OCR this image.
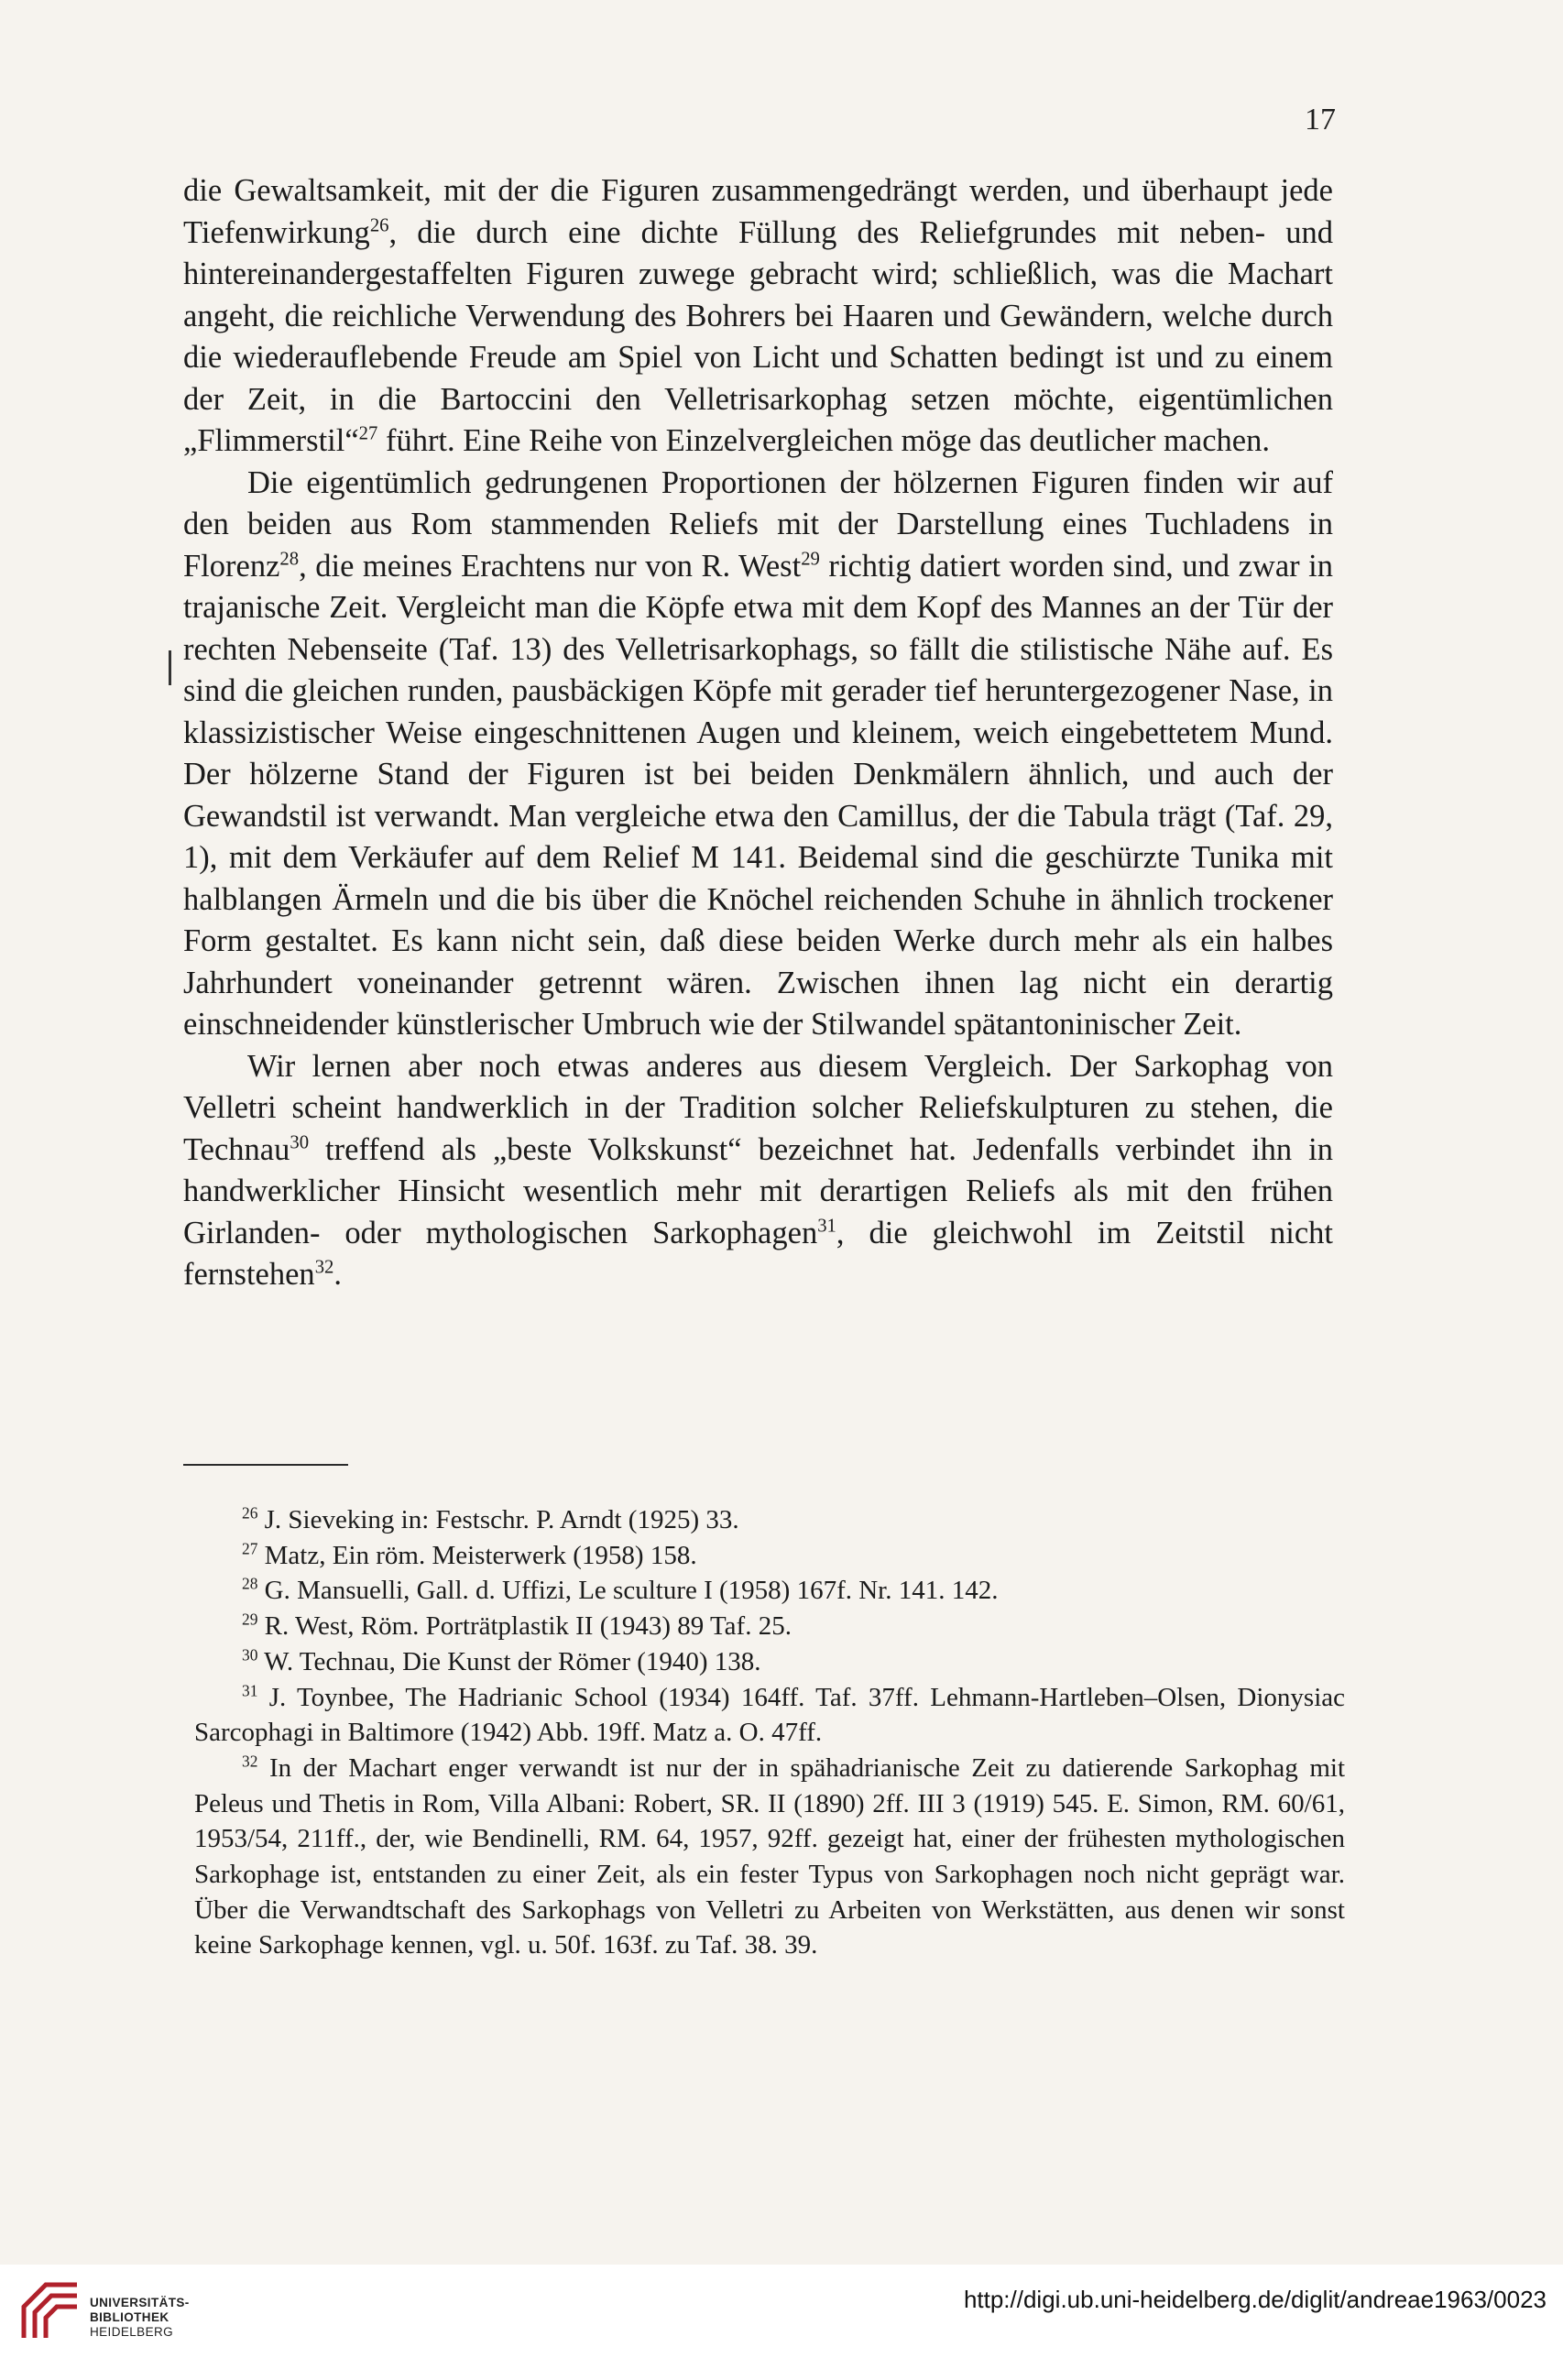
17

die Gewaltsamkeit, mit der die Figuren zusammengedrängt werden, und überhaupt jede Tiefenwirkung$^{26}$, die durch eine dichte Füllung des Reliefgrundes mit neben- und hintereinandergestaffelten Figuren zuwege gebracht wird; schließlich, was die Machart angeht, die reichliche Verwendung des Bohrers bei Haaren und Gewändern, welche durch die wiederauflebende Freude am Spiel von Licht und Schatten bedingt ist und zu einem der Zeit, in die Bartoccini den Velletrisarkophag setzen möchte, eigentümlichen „Flimmerstil“$^{27}$ führt. Eine Reihe von Einzelvergleichen möge das deutlicher machen.

Die eigentümlich gedrungenen Proportionen der hölzernen Figuren finden wir auf den beiden aus Rom stammenden Reliefs mit der Darstellung eines Tuchladens in Florenz$^{28}$, die meines Erachtens nur von R. West$^{29}$ richtig datiert worden sind, und zwar in trajanische Zeit. Vergleicht man die Köpfe etwa mit dem Kopf des Mannes an der Tür der rechten Nebenseite (Taf. 13) des Velletrisarkophags, so fällt die stilistische Nähe auf. Es sind die gleichen runden, pausbäckigen Köpfe mit gerader tief heruntergezogener Nase, in klassizistischer Weise eingeschnittenen Augen und kleinem, weich eingebettetem Mund. Der hölzerne Stand der Figuren ist bei beiden Denkmälern ähnlich, und auch der Gewandstil ist verwandt. Man vergleiche etwa den Camillus, der die Tabula trägt (Taf. 29, 1), mit dem Verkäufer auf dem Relief M 141. Beidemal sind die geschürzte Tunika mit halblangen Ärmeln und die bis über die Knöchel reichenden Schuhe in ähnlich trockener Form gestaltet. Es kann nicht sein, daß diese beiden Werke durch mehr als ein halbes Jahrhundert voneinander getrennt wären. Zwischen ihnen lag nicht ein derartig einschneidender künstlerischer Umbruch wie der Stilwandel spätantoninischer Zeit.

Wir lernen aber noch etwas anderes aus diesem Vergleich. Der Sarkophag von Velletri scheint handwerklich in der Tradition solcher Reliefskulpturen zu stehen, die Technau$^{30}$ treffend als „beste Volkskunst“ bezeichnet hat. Jedenfalls verbindet ihn in handwerklicher Hinsicht wesentlich mehr mit derartigen Reliefs als mit den frühen Girlanden- oder mythologischen Sarkophagen$^{31}$, die gleichwohl im Zeitstil nicht fernstehen$^{32}$.

$^{26}$ J. Sieveking in: Festschr. P. Arndt (1925) 33.

$^{27}$ Matz, Ein röm. Meisterwerk (1958) 158.

$^{28}$ G. Mansuelli, Gall. d. Uffizi, Le sculture I (1958) 167f. Nr. 141. 142.

$^{29}$ R. West, Röm. Porträtplastik II (1943) 89 Taf. 25.

$^{30}$ W. Technau, Die Kunst der Römer (1940) 138.

$^{31}$ J. Toynbee, The Hadrianic School (1934) 164ff. Taf. 37ff. Lehmann-Hartleben–Olsen, Dionysiac Sarcophagi in Baltimore (1942) Abb. 19ff. Matz a. O. 47ff.

$^{32}$ In der Machart enger verwandt ist nur der in spähadrianische Zeit zu datierende Sarkophag mit Peleus und Thetis in Rom, Villa Albani: Robert, SR. II (1890) 2ff. III 3 (1919) 545. E. Simon, RM. 60/61, 1953/54, 211ff., der, wie Bendinelli, RM. 64, 1957, 92ff. gezeigt hat, einer der frühesten mythologischen Sarkophage ist, entstanden zu einer Zeit, als ein fester Typus von Sarkophagen noch nicht geprägt war. Über die Verwandtschaft des Sarkophags von Velletri zu Arbeiten von Werkstätten, aus denen wir sonst keine Sarkophage kennen, vgl. u. 50f. 163f. zu Taf. 38. 39.

UNIVERSITÄTS-
BIBLIOTHEK
HEIDELBERG
http://digi.ub.uni-heidelberg.de/diglit/andreae1963/0023
